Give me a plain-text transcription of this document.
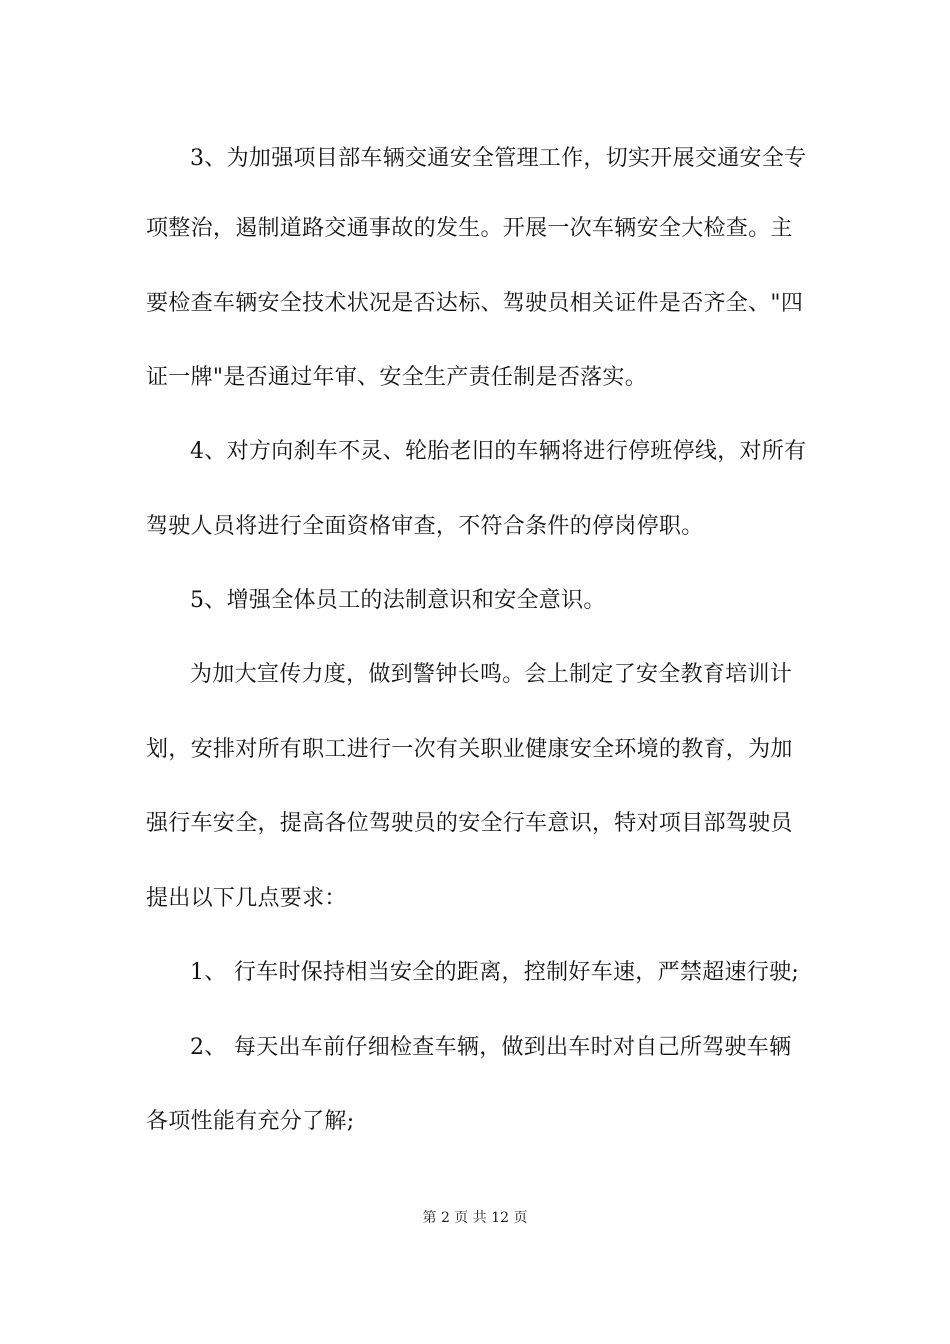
3、为加强项目部车辆交通安全管理工作，切实开展交通安全专
项整治，遏制道路交通事故的发生。开展一次车辆安全大检查。主
要检查车辆安全技术状况是否达标、驾驶员相关证件是否齐全、"四
证一牌"是否通过年审、安全生产责任制是否落实。
4、对方向刹车不灵、轮胎老旧的车辆将进行停班停线，对所有
驾驶人员将进行全面资格审查，不符合条件的停岗停职。
5、增强全体员工的法制意识和安全意识。
为加大宣传力度，做到警钟长鸣。会上制定了安全教育培训计
划，安排对所有职工进行一次有关职业健康安全环境的教育，为加
强行车安全，提高各位驾驶员的安全行车意识，特对项目部驾驶员
提出以下几点要求：
1、 行车时保持相当安全的距离，控制好车速，严禁超速行驶;
2、 每天出车前仔细检查车辆，做到出车时对自己所驾驶车辆
各项性能有充分了解;
第 2 页 共 12 页
